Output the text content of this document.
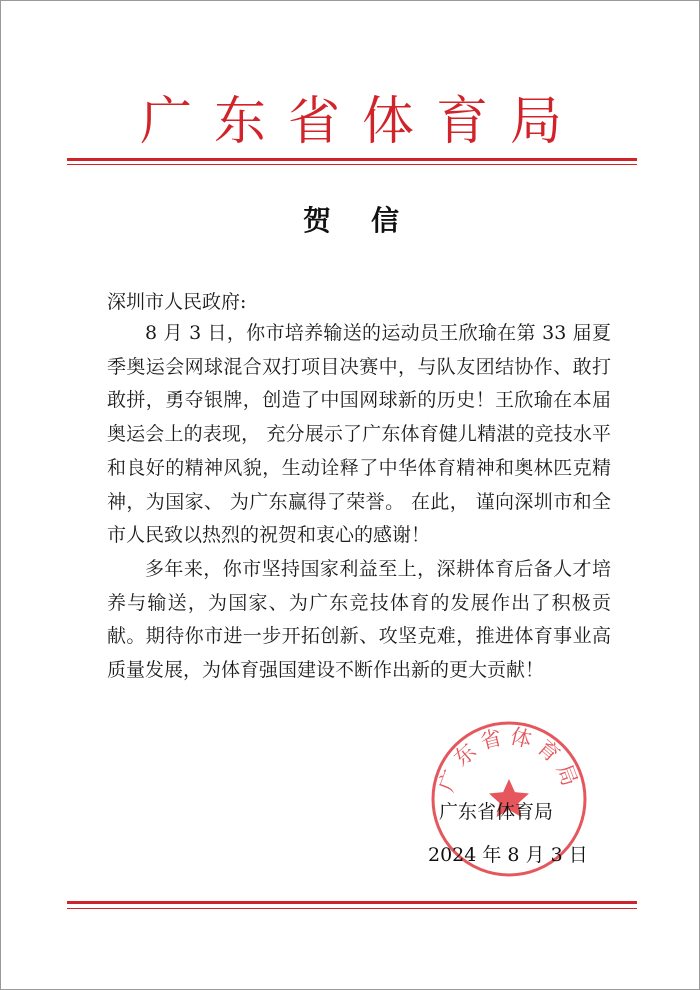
广东省体育局
贺信
深圳市人民政府:

8 月 3 日，你市培养输送的运动员王欣瑜在第 33 届夏季奥运会网球混合双打项目决赛中，与队友团结协作、敢打敢拼，勇夺银牌，创造了中国网球新的历史！王欣瑜在本届奥运会上的表现， 充分展示了广东体育健儿精湛的竞技水平和良好的精神风貌，生动诠释了中华体育精神和奥林匹克精神，为国家、 为广东赢得了荣誉。 在此， 谨向深圳市和全市人民致以热烈的祝贺和衷心的感谢！

多年来，你市坚持国家利益至上，深耕体育后备人才培养与输送，为国家、为广东竞技体育的发展作出了积极贡献。期待你市进一步开拓创新、攻坚克难，推进体育事业高质量发展，为体育强国建设不断作出新的更大贡献！

广东省体育局
广东省体育局
2024 年 8 月 3 日
